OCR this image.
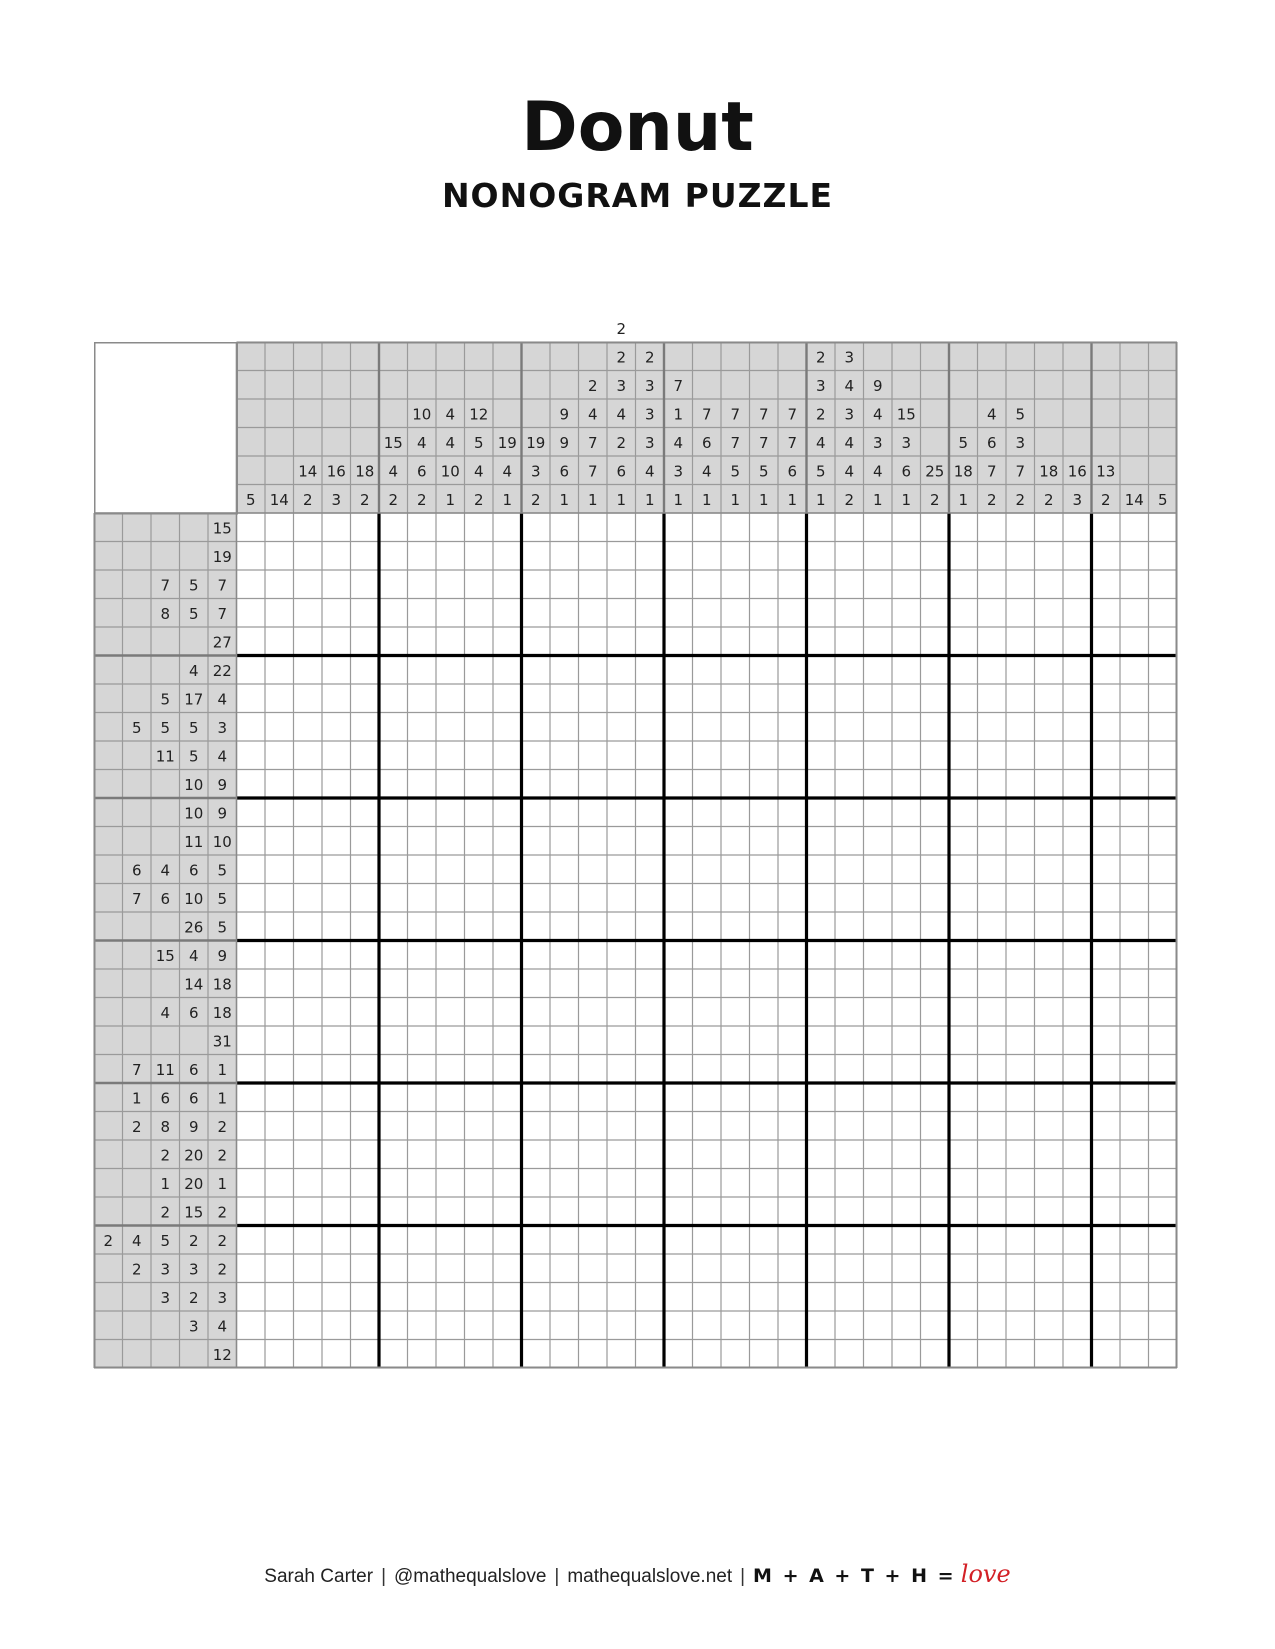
Donut
NONOGRAM PUZZLE
5 14
14
2
16
3
18
2
15
4
2
10
4
6
2
4
4
10
1
12
5
4
2
19
4
1
19
3
2
9
9
6
1
2
4
7
7
1
2
2
3
4
2
6
1
2
3
3
3
4
1
7
1
4
3
1
7
6
4
1
7
7
5
1
7
7
5
1
7
7
6
1
2
3
2
4
5
1
3
4
3
4
4
2
9
4
3
4
1
15
3
6
1
25
2
5
18
1
4
6
7
2
5
3
7
2
18
2
16
3
13
2 14 5
15
19
7 5 7
8 5 7
27
4 22
5 17 4
5 5 5 3
11 5 4
10 9
10 9
11 10
6 4 6 5
7 6 10 5
26 5
15 4 9
14 18
4 6 18
31
7 11 6 1
1 6 6 1
2 8 9 2
2 20 2
1 20 1
2 15 2
2 4 5 2 2
2 3 3 2
3 2 3
3 4
12
Sarah Carter | @mathequalslove | mathequalslove.net | M + A + T + H = love
